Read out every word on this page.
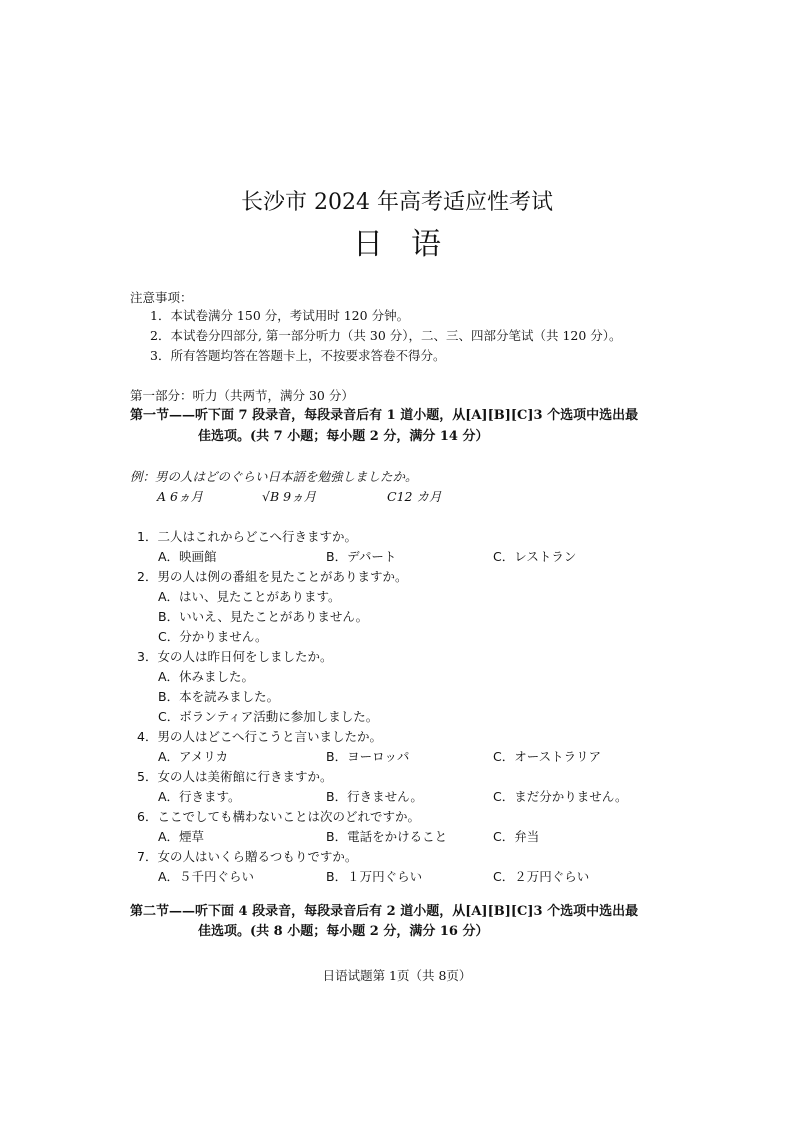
长沙市 2024 年高考适应性考试
日语
注意事项：
1．本试卷满分 150 分，考试用时 120 分钟。
2．本试卷分四部分, 第一部分听力（共 30 分），二、三、四部分笔试（共 120 分）。
3．所有答题均答在答题卡上，不按要求答卷不得分。
第一部分：听力（共两节，满分 30 分）
第一节——听下面 7 段录音，每段录音后有 1 道小题，从[A][B][C]3 个选项中选出最
佳选项。(共 7 小题；每小题 2 分，满分 14 分）
例：男の人はどのぐらい日本語を勉強しましたか。
A 6ヵ月	√B 9ヵ月	C12 カ月
1．二人はこれからどこへ行きますか。
A．映画館	B．デパート	C．レストラン
2．男の人は例の番組を見たことがありますか。
A．はい、見たことがあります。
B．いいえ、見たことがありません。
C．分かりません。
3．女の人は昨日何をしましたか。
A．休みました。
B．本を読みました。
C．ボランティア活動に参加しました。
4．男の人はどこへ行こうと言いましたか。
A．アメリカ	B．ヨーロッパ	C．オーストラリア
5．女の人は美術館に行きますか。
A．行きます。	B．行きません。	C．まだ分かりません。
6．ここでしても構わないことは次のどれですか。
A．煙草	B．電話をかけること	C．弁当
7．女の人はいくら贈るつもりですか。
A．５千円ぐらい	B．１万円ぐらい	C．２万円ぐらい
第二节——听下面 4 段录音，每段录音后有 2 道小题，从[A][B][C]3 个选项中选出最
佳选项。(共 8 小题；每小题 2 分，满分 16 分）
日语试题第 1页（共 8页）
